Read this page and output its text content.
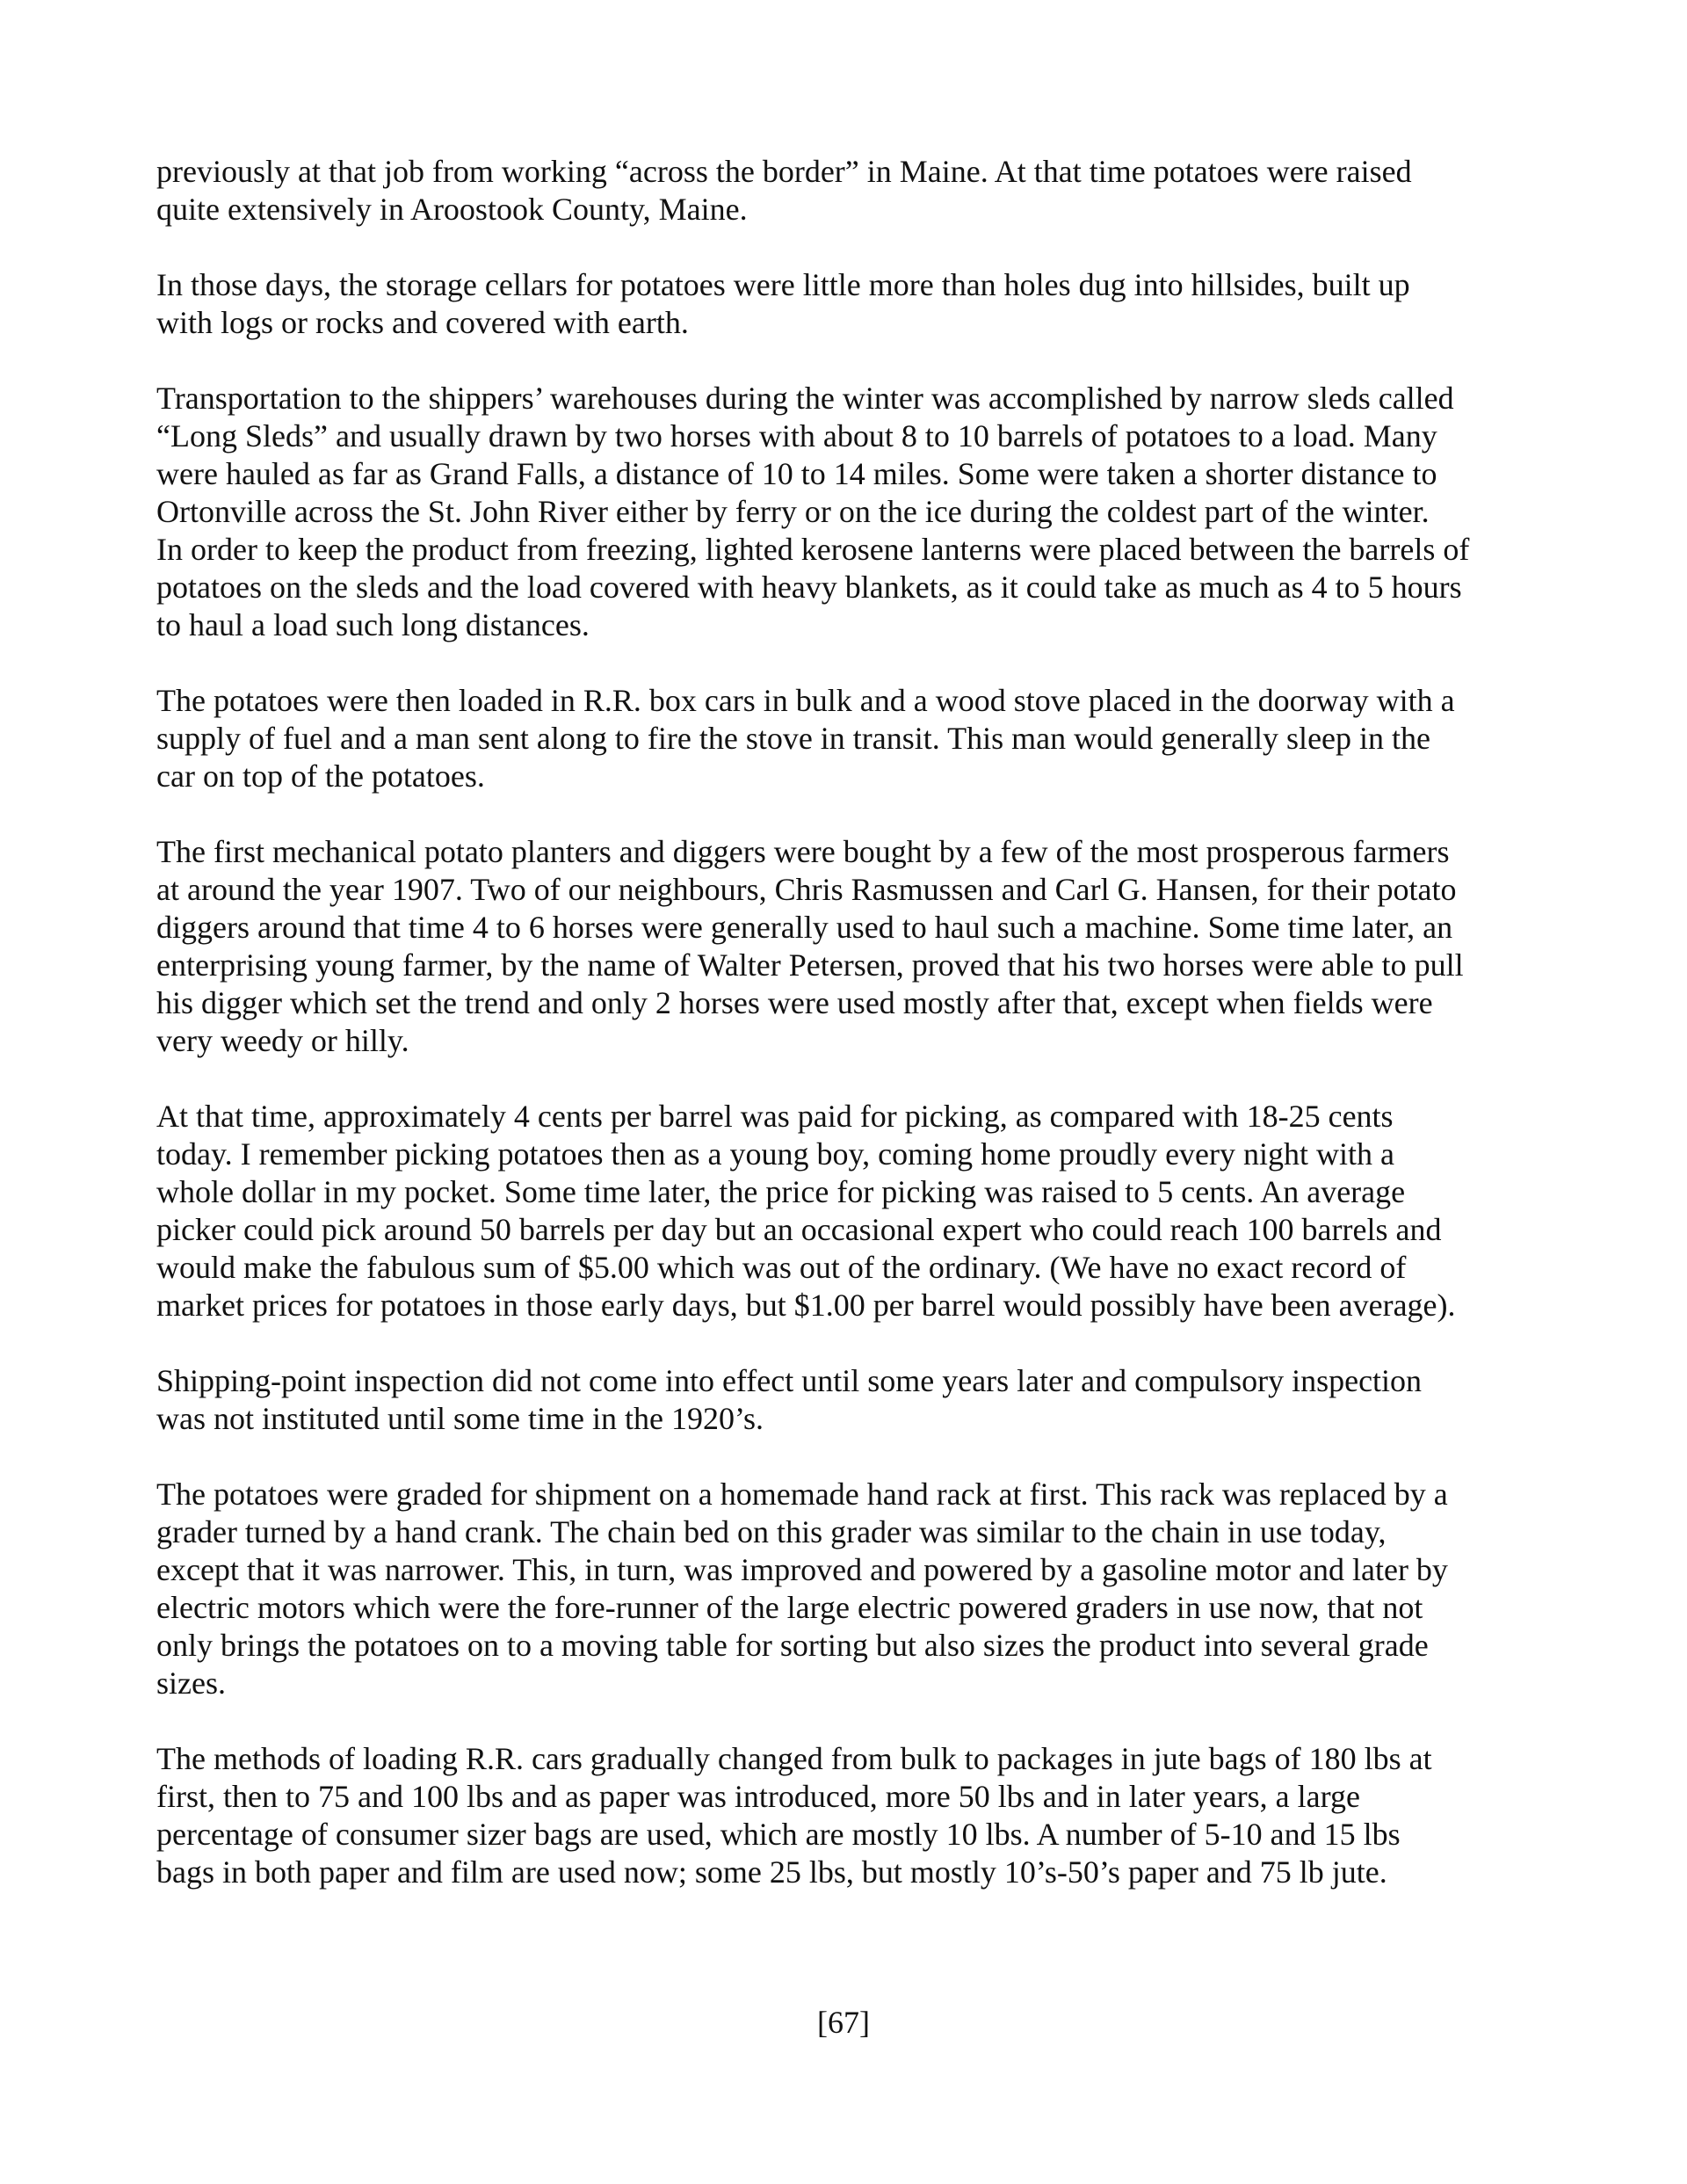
previously at that job from working “across the border” in Maine. At that time potatoes were raised
quite extensively in Aroostook County, Maine.

In those days, the storage cellars for potatoes were little more than holes dug into hillsides, built up
with logs or rocks and covered with earth.

Transportation to the shippers’ warehouses during the winter was accomplished by narrow sleds called
“Long Sleds” and usually drawn by two horses with about 8 to 10 barrels of potatoes to a load. Many
were hauled as far as Grand Falls, a distance of 10 to 14 miles. Some were taken a shorter distance to
Ortonville across the St. John River either by ferry or on the ice during the coldest part of the winter.
In order to keep the product from freezing, lighted kerosene lanterns were placed between the barrels of
potatoes on the sleds and the load covered with heavy blankets, as it could take as much as 4 to 5 hours
to haul a load such long distances.

The potatoes were then loaded in R.R. box cars in bulk and a wood stove placed in the doorway with a
supply of fuel and a man sent along to fire the stove in transit. This man would generally sleep in the
car on top of the potatoes.

The first mechanical potato planters and diggers were bought by a few of the most prosperous farmers
at around the year 1907. Two of our neighbours, Chris Rasmussen and Carl G. Hansen, for their potato
diggers around that time 4 to 6 horses were generally used to haul such a machine. Some time later, an
enterprising young farmer, by the name of Walter Petersen, proved that his two horses were able to pull
his digger which set the trend and only 2 horses were used mostly after that, except when fields were
very weedy or hilly.

At that time, approximately 4 cents per barrel was paid for picking, as compared with 18-25 cents
today. I remember picking potatoes then as a young boy, coming home proudly every night with a
whole dollar in my pocket. Some time later, the price for picking was raised to 5 cents. An average
picker could pick around 50 barrels per day but an occasional expert who could reach 100 barrels and
would make the fabulous sum of $5.00 which was out of the ordinary. (We have no exact record of
market prices for potatoes in those early days, but $1.00 per barrel would possibly have been average).

Shipping-point inspection did not come into effect until some years later and compulsory inspection
was not instituted until some time in the 1920’s.

The potatoes were graded for shipment on a homemade hand rack at first. This rack was replaced by a
grader turned by a hand crank. The chain bed on this grader was similar to the chain in use today,
except that it was narrower. This, in turn, was improved and powered by a gasoline motor and later by
electric motors which were the fore-runner of the large electric powered graders in use now, that not
only brings the potatoes on to a moving table for sorting but also sizes the product into several grade
sizes.

The methods of loading R.R. cars gradually changed from bulk to packages in jute bags of 180 lbs at
first, then to 75 and 100 lbs and as paper was introduced, more 50 lbs and in later years, a large
percentage of consumer sizer bags are used, which are mostly 10 lbs. A number of 5-10 and 15 lbs
bags in both paper and film are used now; some 25 lbs, but mostly 10’s-50’s paper and 75 lb jute.

[67]
